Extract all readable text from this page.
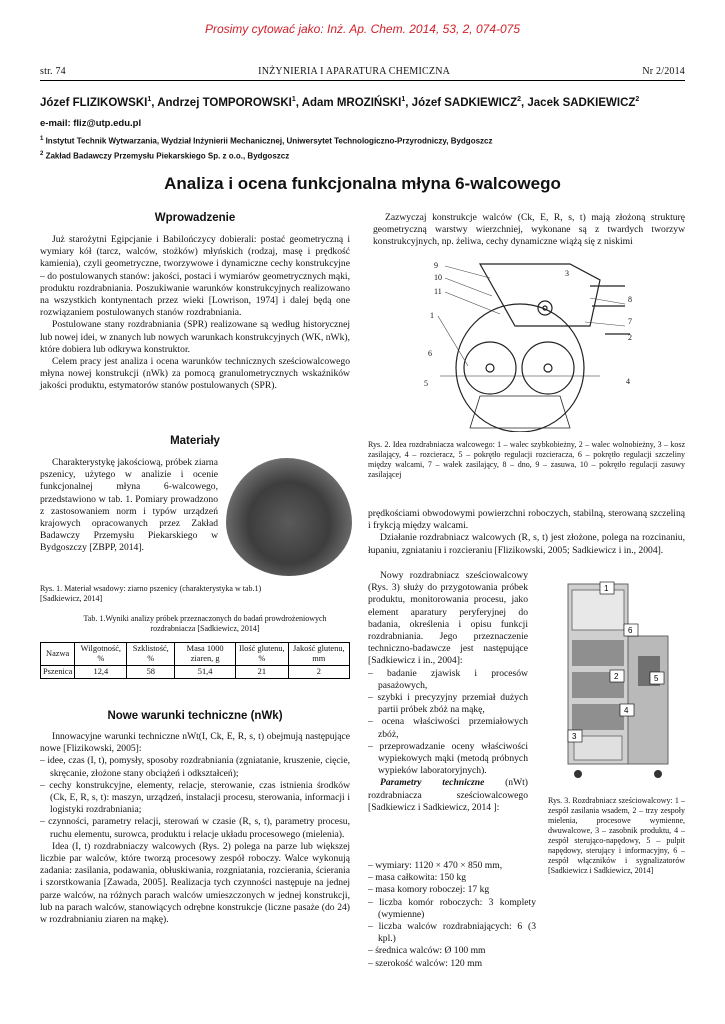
Prosimy cytować jako: Inż. Ap. Chem. 2014, 53, 2, 074-075
str. 74	INŻYNIERIA I APARATURA CHEMICZNA	Nr 2/2014
Józef FLIZIKOWSKI$^1$, Andrzej TOMPOROWSKI$^1$, Adam MROZIŃSKI$^1$, Józef SADKIEWICZ$^2$, Jacek SADKIEWICZ$^2$
e-mail: fliz@utp.edu.pl
$^1$ Instytut Technik Wytwarzania, Wydział Inżynierii Mechanicznej, Uniwersytet Technologiczno-Przyrodniczy, Bydgoszcz
$^2$ Zakład Badawczy Przemysłu Piekarskiego Sp. z o.o., Bydgoszcz
Analiza i ocena funkcjonalna młyna 6-walcowego
Wprowadzenie

Już starożytni Egipcjanie i Babilończycy dobierali: postać geometryczną i wymiary kół (tarcz, walców, stożków) młyńskich (rodzaj, masę i prędkość kamienia), czyli geometryczne, tworzywowe i dynamiczne cechy konstrukcyjne – do postulowanych stanów: jakości, postaci i wymiarów geometrycznych mąki, produktu rozdrabniania. Poszukiwanie warunków konstrukcyjnych realizowano na wszystkich kontynentach przez wieki [Lowrison, 1974] i dalej będą one rozwiązaniem postulowanych stanów rozdrabniania.

Postulowane stany rozdrabniania (SPR) realizowane są według historycznej lub nowej idei, w znanych lub nowych warunkach konstrukcyjnych (WK, nWk), które dobiera lub odkrywa konstruktor.

Celem pracy jest analiza i ocena warunków technicznych sześciowalcowego młyna nowej konstrukcji (nWk) za pomocą granulometrycznych wskaźników jakości produktu, estymatorów stanów postulowanych (SPR).

Materiały

Charakterystykę jakościową, próbek ziarna pszenicy, użytego w analizie i ocenie funkcjonalnej młyna 6-walcowego, przedstawiono w tab. 1. Pomiary prowadzono z zastosowaniem norm i typów urządzeń krajowych opracowanych przez Zakład Badawczy Przemysłu Piekarskiego w Bydgoszczy [ZBPP, 2014].

Rys. 1. Materiał wsadowy: ziarno pszenicy (charakterystyka w tab.1) [Sadkiewicz, 2014]
Tab. 1.Wyniki analizy próbek przeznaczonych do badań prowdrożeniowych rozdrabniacza [Sadkiewicz, 2014]
Nazwa	Wilgotność, %	Szklistość, %	Masa 1000 ziaren, g	Ilość glutenu, %	Jakość glutenu, mm
Pszenica	12,4	58	51,4	21	2
Nowe warunki techniczne (nWk)

Innowacyjne warunki techniczne nWt(I, Ck, E, R, s, t) obejmują następujące nowe [Flizikowski, 2005]:

– idee, czas (I, t), pomysły, sposoby rozdrabniania (zgniatanie, kruszenie, cięcie, skręcanie, złożone stany obciążeń i odkształceń);
– cechy konstrukcyjne, elementy, relacje, sterowanie, czas istnienia środków (Ck, E, R, s, t): maszyn, urządzeń, instalacji procesu, sterowania, informacji i logistyki rozdrabniania;
– czynności, parametry relacji, sterowań w czasie (R, s, t), parametry procesu, ruchu elementu, surowca, produktu i relacje układu procesowego (mielenia).

Idea (I, t) rozdrabniaczy walcowych (Rys. 2) polega na parze lub większej liczbie par walców, które tworzą procesowy zespół roboczy. Walce wykonują zadania: zasilania, podawania, obłuskiwania, rozgniatania, rozcierania, ścierania i szorstkowania [Zawada, 2005]. Realizacja tych czynności następuje na jednej parze walców, na różnych parach walców umieszczonych w jednej konstrukcji, lub na parach walców, stanowiących odrębne konstrukcje (liczne pasaże (do 24) w rozdrabnianiu ziaren na mąkę).

Zazwyczaj konstrukcje walców (Ck, E, R, s, t) mają złożoną strukturę geometryczną warstwy wierzchniej, wykonane są z twardych tworzyw konstrukcyjnych, np. żeliwa, cechy dynamiczne wiążą się z niskimi

9
10
11
1
3
8
7
2
6
5	4
Rys. 2. Idea rozdrabniacza walcowego: 1 – walec szybkobieżny, 2 – walec wolnobieżny, 3 – kosz zasilający, 4 – rozcieracz, 5 – pokrętło regulacji rozcieracza, 6 – pokrętło regulacji szczeliny między walcami, 7 – wałek zasilający, 8 – dno, 9 – zasuwa, 10 – pokrętło regulacji zasuwy zasilającej

prędkościami obwodowymi powierzchni roboczych, stabilną, sterowaną szczeliną i frykcją między walcami.

Działanie rozdrabniacz walcowych (R, s, t) jest złożone, polega na rozcinaniu, łupaniu, zgniataniu i rozcieraniu [Flizikowski, 2005; Sadkiewicz i in., 2004].

Nowy rozdrabniacz sześciowalcowy (Rys. 3) służy do przygotowania próbek produktu, monitorowania procesu, jako element aparatury peryferyjnej do badania, określenia i opisu funkcji rozdrabniania. Jego przeznaczenie techniczno-badawcze jest następujące [Sadkiewicz i in., 2004]:

– badanie zjawisk i procesów pasażowych,
– szybki i precyzyjny przemiał dużych partii próbek zbóż na mąkę,
– ocena właściwości przemiałowych zbóż,
– przeprowadzanie oceny właściwości wypiekowych mąki (metodą próbnych wypieków laboratoryjnych).

Parametry techniczne (nWt) rozdrabniacza sześciowalcowego [Sadkiewicz i Sadkiewicz, 2014 ]:

– wymiary: 1120 × 470 × 850 mm,
– masa całkowita: 150 kg
– masa komory roboczej: 17 kg
– liczba komór roboczych: 3 komplety (wymienne)
– liczba walców rozdrabniających: 6 (3 kpl.)
– średnica walców: Ø 100 mm
– szerokość walców: 120 mm
1
6
2	5
4
3
Rys. 3. Rozdrabniacz sześciowalcowy: 1 – zespół zasilania wsadem, 2 – trzy zespoły mielenia, procesowe wymienne, dwuwalcowe, 3 – zasobnik produktu, 4 – zespół sterująco-napędowy, 5 – pulpit napędowy, sterujący i informacyjny, 6 – zespół włączników i sygnalizatorów [Sadkiewicz i Sadkiewicz, 2014]
